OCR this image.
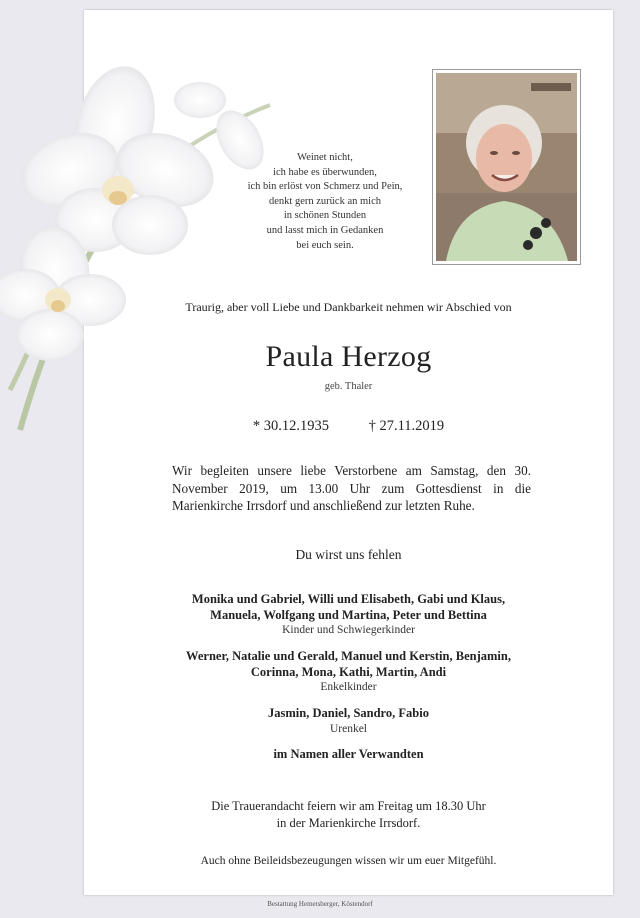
Weinet nicht,
ich habe es überwunden,
ich bin erlöst von Schmerz und Pein,
denkt gern zurück an mich
in schönen Stunden
und lasst mich in Gedanken
bei euch sein.
Traurig, aber voll Liebe und Dankbarkeit nehmen wir Abschied von
Paula Herzog
geb. Thaler
* 30.12.1935	† 27.11.2019
Wir begleiten unsere liebe Verstorbene am Samstag, den 30. November 2019, um 13.00 Uhr zum Gottesdienst in die Marienkirche Irrsdorf und anschließend zur letzten Ruhe.
Du wirst uns fehlen
Monika und Gabriel, Willi und Elisabeth, Gabi und Klaus,
Manuela, Wolfgang und Martina, Peter und Bettina
Kinder und Schwiegerkinder
Werner, Natalie und Gerald, Manuel und Kerstin, Benjamin,
Corinna, Mona, Kathi, Martin, Andi
Enkelkinder
Jasmin, Daniel, Sandro, Fabio
Urenkel
im Namen aller Verwandten
Die Trauerandacht feiern wir am Freitag um 18.30 Uhr
in der Marienkirche Irrsdorf.
Auch ohne Beileidsbezeugungen wissen wir um euer Mitgefühl.
Bestattung Hemetsberger, Köstendorf
